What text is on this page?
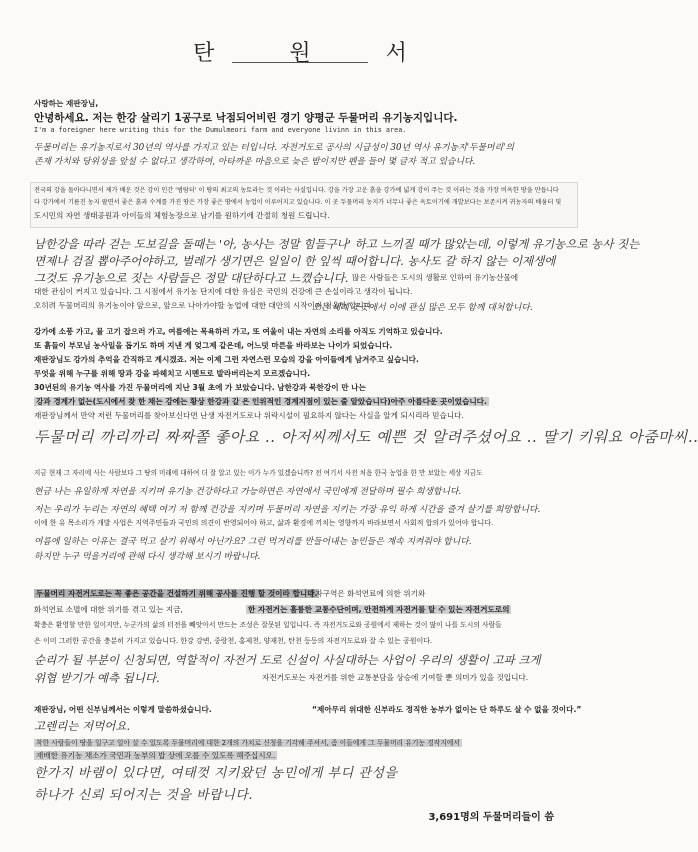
탄 원 서
사랑하는 재판장님,
안녕하세요. 저는 한강 살리기 1공구로 낙점되어비린 경기 양평군 두물머리 유기농지입니다.
I'm a foreigner here writing this for the Dumulmeori farm and everyone livinn in this area.
두물머리는 유기농지로서 30년의 역사를 가지고 있는 터입니다. 자전거도로 공사의 시급성이 30년 역사 유기농지'두물머리'의
존재 가치와 당위성을 앞설 수 없다고 생각하여, 아타까운 마음으로 늦은 밤이지만 펜을 들어 몇 글자 적고 있습니다.
전국의 강을 돌아다니면서 제가 배운 것은 강이 인간 '범람터' 이 땅의 최고의 농토라는 것 이라는 사실입니다. 강을 가장 고운 흙을 강가에 넓게 강이 주는 것 이라는 것을 가장 비옥한 땅을 만듭니다
다 강가에서 기름진 농지 팔면서 좋은 흙과 수계를 가진 땅은 가장 좋은 땅에서 농업이 이루어지고 있습니다. 이 곳 두물머리 농지가 너무나 좋은 옥토이기에 개발보다는 보존시켜 귀농자의 배움터 및
도시민의 자연 생태공원과 아이들의 체험농장으로 남기를 원하기에 간절히 청원 드립니다.
남한강을 따라 걷는 도보길을 돌때는 '아, 농사는 정말 힘들구나' 하고 느끼질 때가 많았는데, 이렇게 유기농으로 농사 짓는
면제나 검질 뽑아주어야하고, 벌레가 생기면은 일일이 한 잎씩 때어합니다. 농사도 갈 하지 않는 이제생에
그것도 유기농으로 짓는 사람들은 정말 대단하다고 느꼈습니다. 많은 사람들은 도시의 생활로 인하여 유기농산물에
대한 관심이 커지고 있습니다. 그 시점에서 유기농 단지에 대한 유심은 국민의 건강에 큰 손실이라고 생각이 됩니다.
오히려 두물머리의 유기농이야 앞으로, 앞으로 나아가야할 농업에 대한 대안의 시작이자 첨울한 합니다.
오는 세계 곳곳에서 이에 관심 많은 모두 함께 대처합니다.
강가에 소풍 가고, 물 고기 잡으러 가고, 여름에는 목욕하러 가고, 또 여울이 내는 자연의 소리를 아직도 기억하고 있습니다.
또 흙들이 부모님 농사일을 돕기도 하며 지낸 게 엊그제 같은데, 어느덧 마른을 바라보는 나이가 되었습니다.
재판장님도 강가의 추억을 간직하고 계시겠죠. 저는 이제 그런 자연스런 모습의 강을 아이들에게 남겨주고 싶습니다.
무엇을 위해 누구를 위해 땅과 강을 파헤치고 시멘트로 발라버리는지 모르겠습니다.
30년된의 유기농 역사를 가진 두물머리에 지난 3월 초에 가 보았습니다. 남한강과 북한강이 만 나는
강과 경계가 없는(도시에서 찾 한 채는 강에는 황상 한강과 갈 은 인위적인 경계지점이 있는 줄 알았습니다)아주 아름다운 곳이었습니다.
재판장님께서 만약 저런 두물머리를 찾아보신다면 난생 자전거도로나 위락시설이 필요하지 않다는 사실을 알게 되시리라 믿습니다.
두물머리 까리까리 짜짜쫄 좋아요 .. 아저씨께서도 예쁜 것 알려주셨어요 .. 딸기 키워요 아줌마씨..
지금 현재 그 자리에 사는 사람보다 그 땅의 미래에 대하여 더 잘 알고 있는 이가 누가 있겠습니까? 전 여기서 사전 처음 한국 농업을 한 만 보았는 세상 지금도
현금 나는 유일하게 자연을 지키며 유기농 건강하다고 가능하면은 자연에서 국민에게 전달하며 필수 희생합니다.
저는 우리가 누리는 자연의 혜택 여기 저 함께 건강을 지키며 두물머리 자연을 지키는 가장 유익 하게 시간을 즐겨 살기를 희망합니다.
이에 한 유 목소리가 개발 사업은 지역주민들과 국민의 의견이 반영되어야 하고, 삶과 환경에 끼치는 영향까지 바라보면서 사회적 합의가 있어야 합니다.
여름에 일하는 이유는 결국 먹고 살기 위해서 아닌가요? 그런 먹거리를 만들어내는 농민들은 계속 지켜줘야 합니다.
하지만 누구 먹을거리에 관해 다시 생각해 보시기 바랍니다.
두물머리 자전거도로는 꼭 좋은 공간을 건설하기 위해 공사를 진행 할 것이라 합니다.
전자구역은 화석연료에 의한 위기와
화석연료 소멸에 대한 위기를 겪고 있는 지금,	한 자전거는 훌륭한 교통수단이며, 안전하게 자전거를 탈 수 있는 자전거도로의
확충은 환영할 만한 일이지만, 누군가의 삶의 터전을 빼앗아서 만드는 조성은 잘못된 일입니다. 즉 자전거도로와 공원에서 제하는 것이 많이 나를 도시의 사람들
은 이미 그러한 공간을 충분히 가지고 있습니다. 한강 강변, 중랑천, 홍제천, 양재천, 탄천 등등의 자전거도로와 잘 수 있는 공원이다.
순리가 될 부분이 신청되면, 역할적이 자전거 도로 신설이 사실대하는 사업이 우리의 생활이 고파 크게
위협 받기가 예측 됩니다.	자전거도로는 자전거를 위한 교통분담을 상승에 기여할 뿐 의미가 있을 것입니다.
재판장님, 어떤 신부님께서는 이렇게 말씀하셨습니다.	“제아무리 위대한 신부라도 정직한 농부가 없이는 단 하루도 살 수 없을 것이다.”
고렌리는 저먹어요.
착한 사람들이 땅을 일구고 일아 살 수 있도록 두물머리에 대한 2개의 가치로 신청을 기각해 주셔서, 좀 이들에게 그 두물머리 유기농 경작지에서
재배한 유기농 채소가 국민과 농부의 밥 상에 오를 수 있도록 해주십시오.
한가지 바램이 있다면, 여태껏 지키왔던 농민에게 부디 관성을
하나가 신뢰 되어지는 것을 바랍니다.
3,691명의 두물머리들이 씀
